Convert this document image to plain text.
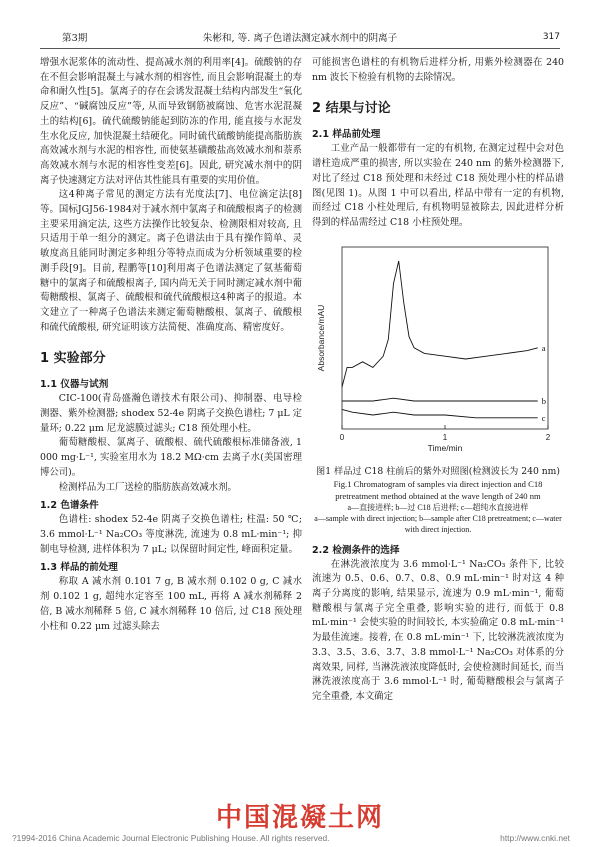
第3期	朱彬和, 等. 离子色谱法测定减水剂中的阴离子	317

增强水泥浆体的流动性、提高减水剂的利用率[4]。硫酸钠的存在不但会影响混凝土与减水剂的相容性, 而且会影响混凝土的寿命和耐久性[5]。氯离子的存在会诱发混凝土结构内部发生“氧化反应”、“碱腐蚀反应”等, 从而导致钢筋被腐蚀、危害水泥混凝土的结构[6]。硫代硫酸钠能起到防冻的作用, 能直接与水泥发生水化反应, 加快混凝土结硬化。同时硫代硫酸钠能提高脂肪族高效减水剂与水泥的相容性, 而使氨基磺酸盐高效减水剂和萘系高效减水剂与水泥的相容性变差[6]。因此, 研究减水剂中的阴离子快速测定方法对评估其性能具有重要的实用价值。

这4种离子常见的测定方法有光度法[7]、电位滴定法[8]等。国标JGJ56-1984对于减水剂中氯离子和硫酸根离子的检测主要采用滴定法, 这些方法操作比较复杂、检测限相对较高, 且只适用于单一组分的测定。离子色谱法由于具有操作简单、灵敏度高且能同时测定多种组分等特点而成为分析领域重要的检测手段[9]。目前, 程鹏等[10]利用离子色谱法测定了氨基葡萄糖中的氯离子和硫酸根离子, 国内尚无关于同时测定减水剂中葡萄糖酸根、氯离子、硫酸根和硫代硫酸根这4种离子的报道。本文建立了一种离子色谱法来测定葡萄糖酸根、氯离子、硫酸根和硫代硫酸根, 研究证明该方法简便、准确度高、精密度好。

1 实验部分
1.1 仪器与试剂

CIC-100(青岛盛瀚色谱技术有限公司)、抑制器、电导检测器、紫外检测器; shodex 52-4e 阴离子交换色谱柱; 7 μL 定量环; 0.22 μm 尼龙滤膜过滤头; C18 预处理小柱。

葡萄糖酸根、氯离子、硫酸根、硫代硫酸根标准储备液, 1 000 mg·L⁻¹, 实验室用水为 18.2 MΩ·cm 去离子水(美国密理博公司)。

检测样品为工厂送检的脂肪族高效减水剂。

1.2 色谱条件

色谱柱: shodex 52-4e 阴离子交换色谱柱; 柱温: 50 ℃; 3.6 mmol·L⁻¹ Na₂CO₃ 等度淋洗, 流速为 0.8 mL·min⁻¹; 抑制电导检测, 进样体积为 7 μL; 以保留时间定性, 峰面积定量。

1.3 样品的前处理

称取 A 减水剂 0.101 7 g, B 减水剂 0.102 0 g, C 减水剂 0.102 1 g, 超纯水定容至 100 mL, 再将 A 减水剂稀释 2 倍, B 减水剂稀释 5 倍, C 减水剂稀释 10 倍后, 过 C18 预处理小柱和 0.22 μm 过滤头除去

可能损害色谱柱的有机物后进样分析, 用紫外检测器在 240 nm 波长下检验有机物的去除情况。

2 结果与讨论
2.1 样品前处理

工业产品一般都带有一定的有机物, 在测定过程中会对色谱柱造成严重的损害, 所以实验在 240 nm 的紫外检测器下, 对比了经过 C18 预处理和未经过 C18 预处理小柱的样品谱图(见图 1)。从图 1 中可以看出, 样品中带有一定的有机物, 而经过 C18 小柱处理后, 有机物明显被除去, 因此进样分析得到的样品需经过 C18 小柱预处理。

0	1	2
Time/min
Absorbance/mAU	a
b
c
图1 样品过 C18 柱前后的紫外对照图(检测波长为 240 nm)
Fig.1 Chromatogram of samples via direct injection and C18 pretreatment method obtained at the wave length of 240 nm
a—直接进样; b—过 C18 后进样; c—超纯水直接进样
a—sample with direct injection; b—sample after C18 pretreatment; c—water with direct injection.
2.2 检测条件的选择

在淋洗液浓度为 3.6 mmol·L⁻¹ Na₂CO₃ 条件下, 比较流速为 0.5、0.6、0.7、0.8、0.9 mL·min⁻¹ 时对这 4 种离子分离度的影响, 结果显示, 流速为 0.9 mL·min⁻¹, 葡萄糖酸根与氯离子完全重叠, 影响实验的进行, 而低于 0.8 mL·min⁻¹ 会使实验的时间较长, 本实验确定 0.8 mL·min⁻¹ 为最佳流速。接着, 在 0.8 mL·min⁻¹ 下, 比较淋洗液浓度为 3.3、3.5、3.6、3.7、3.8 mmol·L⁻¹ Na₂CO₃ 对体系的分离效果, 同样, 当淋洗液浓度降低时, 会使检测时间延长, 而当淋洗液浓度高于 3.6 mmol·L⁻¹ 时, 葡萄糖酸根会与氯离子完全重叠, 本文确定

中国混凝土网
?1994-2016 China Academic Journal Electronic Publishing House. All rights reserved.	http://www.cnki.net
